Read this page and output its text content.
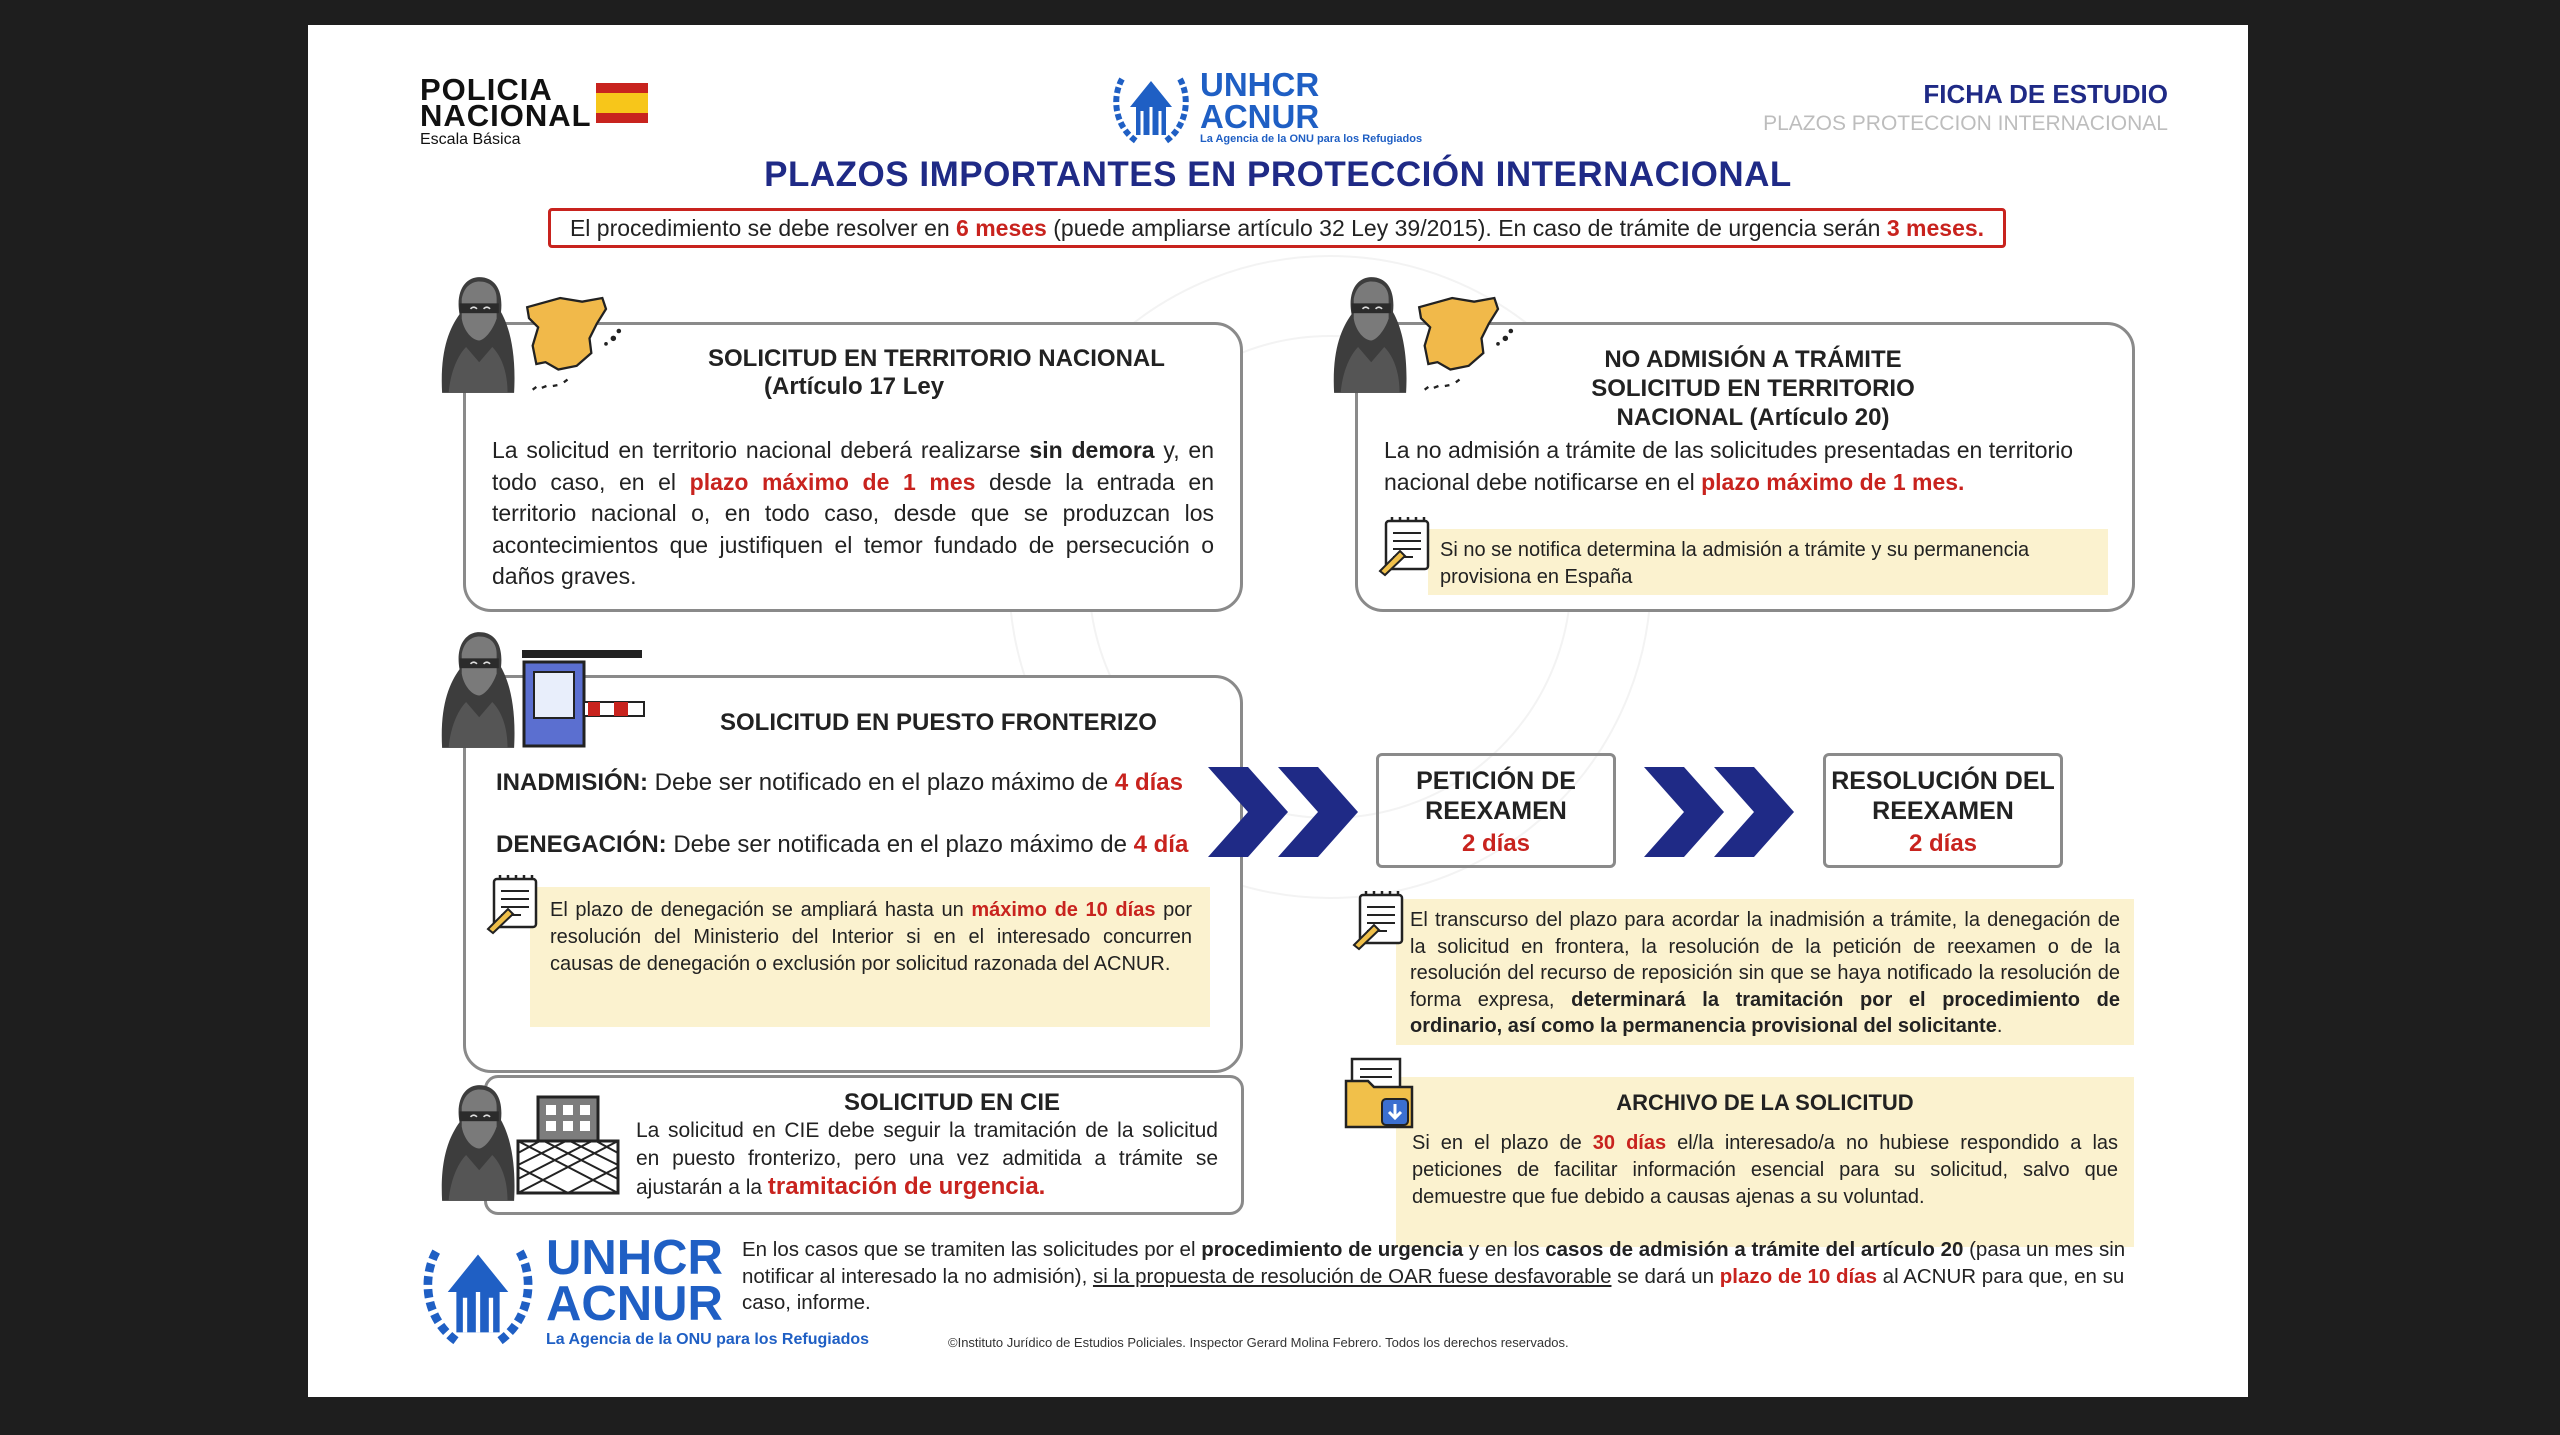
POLICIA
NACIONAL
Escala Básica
UNHCR
ACNUR
La Agencia de la ONU para los Refugiados
FICHA DE ESTUDIO
PLAZOS PROTECCION INTERNACIONAL
PLAZOS IMPORTANTES EN PROTECCIÓN INTERNACIONAL
El procedimiento se debe resolver en 6 meses (puede ampliarse artículo 32 Ley 39/2015). En caso de trámite de urgencia serán 3 meses.
SOLICITUD EN TERRITORIO NACIONAL
(Artículo 17 Ley
La solicitud en territorio nacional deberá realizarse sin demora y, en todo caso, en el plazo máximo de 1 mes desde la entrada en territorio nacional o, en todo caso, desde que se produzcan los acontecimientos que justifiquen el temor fundado de persecución o daños graves.
NO ADMISIÓN A TRÁMITE SOLICITUD EN TERRITORIO NACIONAL (Artículo 20)
La no admisión a trámite de las solicitudes presentadas en territorio nacional debe notificarse en el plazo máximo de 1 mes.
Si no se notifica determina la admisión a trámite y su permanencia provisiona en España
SOLICITUD EN PUESTO FRONTERIZO
INADMISIÓN: Debe ser notificado en el plazo máximo de 4 días
DENEGACIÓN: Debe ser notificada en el plazo máximo de 4 día
El plazo de denegación se ampliará hasta un máximo de 10 días por resolución del Ministerio del Interior si en el interesado concurren causas de denegación o exclusión por solicitud razonada del ACNUR.
PETICIÓN DE REEXAMEN
2 días
RESOLUCIÓN DEL REEXAMEN
2 días
El transcurso del plazo para acordar la inadmisión a trámite, la denegación de la solicitud en frontera, la resolución de la petición de reexamen o de la resolución del recurso de reposición sin que se haya notificado la resolución de forma expresa, determinará la tramitación por el procedimiento de ordinario, así como la permanencia provisional del solicitante.
SOLICITUD EN CIE
La solicitud en CIE debe seguir la tramitación de la solicitud en puesto fronterizo, pero una vez admitida a trámite se ajustarán a la tramitación de urgencia.
ARCHIVO DE LA SOLICITUD
Si en el plazo de 30 días el/la interesado/a no hubiese respondido a las peticiones de facilitar información esencial para su solicitud, salvo que demuestre que fue debido a causas ajenas a su voluntad.
UNHCR
ACNUR
La Agencia de la ONU para los Refugiados
En los casos que se tramiten las solicitudes por el procedimiento de urgencia y en los casos de admisión a trámite del artículo 20 (pasa un mes sin notificar al interesado la no admisión), si la propuesta de resolución de OAR fuese desfavorable se dará un plazo de 10 días al ACNUR para que, en su caso, informe.
©Instituto Jurídico de Estudios Policiales. Inspector Gerard Molina Febrero. Todos los derechos reservados.
